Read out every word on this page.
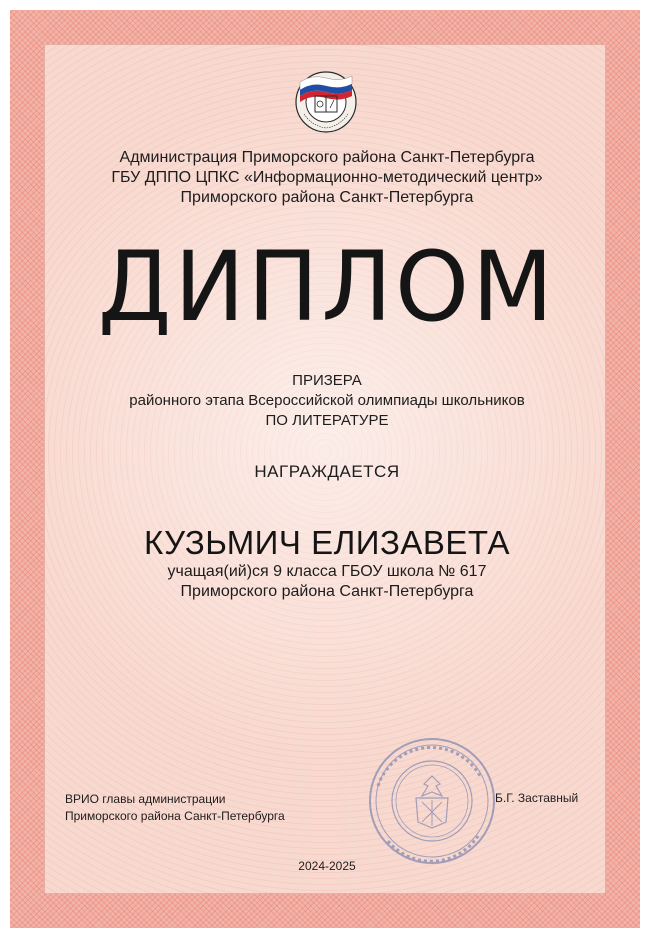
Администрация Приморского района Санкт-Петербурга
ГБУ ДППО ЦПКС «Информационно-методический центр»
Приморского района Санкт-Петербурга
ДИПЛОМ
ПРИЗЕРА
районного этапа Всероссийской олимпиады школьников
ПО ЛИТЕРАТУРЕ
НАГРАЖДАЕТСЯ
КУЗЬМИЧ ЕЛИЗАВЕТА
учащая(ий)ся 9 класса ГБОУ школа № 617
Приморского района Санкт-Петербурга
ВРИО главы администрации
Приморского района Санкт-Петербурга
Б.Г. Заставный
2024-2025
